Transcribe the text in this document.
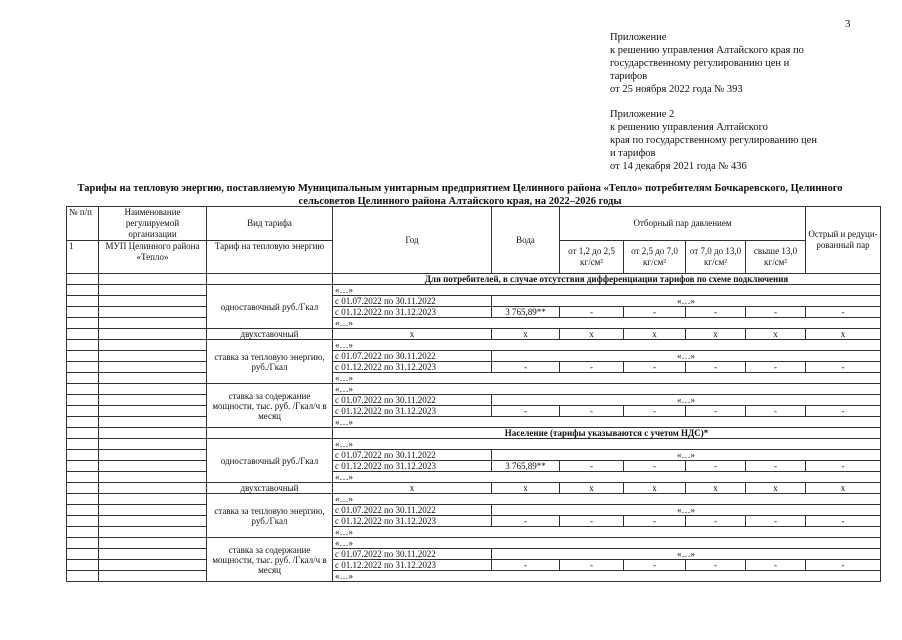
3
Приложение
к решению управления Алтайского края по
государственному регулированию цен и
тарифов
от 25 ноября 2022 года № 393
Приложение 2
к решению управления Алтайского
края по государственному регулированию цен
и тарифов
от 14 декабря 2021 года № 436
Тарифы на тепловую энергию, поставляемую Муниципальным унитарным предприятием Целинного района «Тепло» потребителям Бочкаревского, Целинного
сельсоветов Целинного района Алтайского края, на 2022–2026 годы
№ п/п	Наименование регулируемой организации	Вид тарифа	Год	Вода	Отборный пар давлением				Острый и редуци- рованный пар
1	МУП Целинного района «Тепло»	Тариф на тепловую энергию			от 1,2 до 2,5 кг/см²	от 2,5 до 7,0 кг/см²	от 7,0 до 13,0 кг/см²	свыше 13,0 кг/см²	
			Для потребителей, в случае отсутствия дифференциации тарифов по схеме подключения						
		одноставочный руб./Гкал	«…»						
			с 01.07.2022 по 30.11.2022	«…»					
			с 01.12.2022 по 31.12.2023	3 765,89**	-	-	-	-	-
			«…»						
		двухставочный	x	x	x	x	x	x	x
		ставка за тепловую энергию, руб./Гкал	«…»						
			с 01.07.2022 по 30.11.2022	«…»					
			с 01.12.2022 по 31.12.2023	-	-	-	-	-	-
			«…»						
		ставка за содержание мощности, тыс. руб. /Гкал/ч в месяц	«…»						
			с 01.07.2022 по 30.11.2022	«…»					
			с 01.12.2022 по 31.12.2023	-	-	-	-	-	-
			«…»						
			Население (тарифы указываются с учетом НДС)*						
		одноставочный руб./Гкал	«…»						
			с 01.07.2022 по 30.11.2022	«…»					
			с 01.12.2022 по 31.12.2023	3 765,89**	-	-	-	-	-
			«…»						
		двухставочный	x	x	x	x	x	x	x
		ставка за тепловую энергию, руб./Гкал	«…»						
			с 01.07.2022 по 30.11.2022	«…»					
			с 01.12.2022 по 31.12.2023	-	-	-	-	-	-
			«…»						
		ставка за содержание мощности, тыс. руб. /Гкал/ч в месяц	«…»						
			с 01.07.2022 по 30.11.2022	«…»					
			с 01.12.2022 по 31.12.2023	-	-	-	-	-	-
			«…»						
